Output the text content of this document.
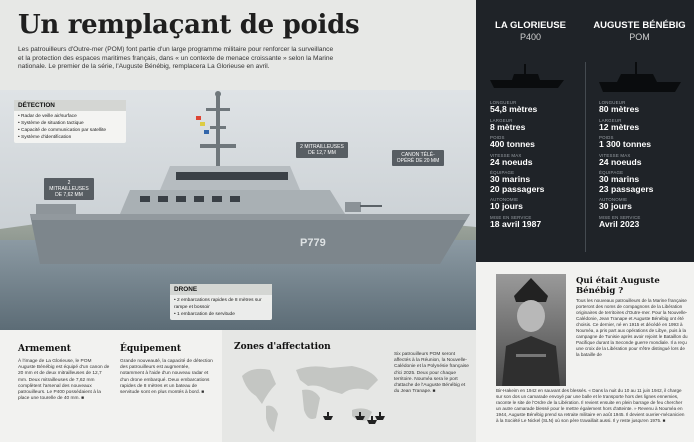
Un remplaçant de poids

Les patrouilleurs d'Outre-mer (POM) font partie d'un large programme militaire pour renforcer la surveillance et la protection des espaces maritimes français, dans « un contexte de menace croissante » selon la Marine nationale. Le premier de la série, l'Auguste Bénébig, remplacera La Glorieuse en avril.

P779
2 MITRAILLEUSES DE 12,7 MM	CANON TÉLÉ-OPÉRÉ DE 20 MM
2 MITRAILLEUSES DE 7,62 MM
DÉTECTION
• Radar de veille air/surface
• Système de situation tactique
• Capacité de communication par satellite
• Système d'identification
DRONE
• 2 embarcations rapides de 8 mètres sur rampe et bossoir
• 1 embarcation de servitude
LA GLORIEUSE
P400
LONGUEUR
54,8 mètres
LARGEUR
8 mètres
POIDS
400 tonnes
VITESSE MAX
24 noeuds
ÉQUIPAGE
30 marins
20 passagers
AUTONOMIE
10 jours
MISE EN SERVICE
18 avril 1987
AUGUSTE BÉNÉBIG
POM
LONGUEUR
80 mètres
LARGEUR
12 mètres
POIDS
1 300 tonnes
VITESSE MAX
24 noeuds
ÉQUIPAGE
30 marins
23 passagers
AUTONOMIE
30 jours
MISE EN SERVICE
Avril 2023
Qui était Auguste Bénébig ?

Tous les nouveaux patrouilleurs de la Marine française porteront des noms de compagnons de la Libération originaires de territoires d'Outre-mer. Pour la Nouvelle-Calédonie, Jean Tranape et Auguste Bénébig ont été choisis. Ce dernier, né en 1915 et décédé en 1993 à Nouméa, a pris part aux opérations de Libye, puis à la campagne de Tunisie après avoir rejoint le Bataillon du Pacifique durant la Seconde guerre mondiale. Il a reçu une croix de la Libération pour s'être distingué lors de la bataille de

Bir-Hakeim en 1942 en sauvant des blessés. « Dans la nuit du 10 au 11 juin 1942, il charge sur son dos un camarade envoyé par une balle et le transporte hors des lignes ennemies, raconte le site de l'Ordre de la Libération. Il revient ensuite en plein barrage de feu chercher un autre camarade blessé pour le mettre également hors d'atteinte. » Revenu à Nouméa en 1944, Auguste Bénébig prend sa retraite militaire en août 1945. Il devient ouvrier-mécanicien à la Société Le Nickel (SLN) où son père travaillait aussi. Il y reste jusqu'en 1975. ■

Armement

À l'image de La Glorieuse, le POM Auguste Bénébig est équipé d'un canon de 20 mm et de deux mitrailleuses de 12,7 mm. Deux mitrailleuses de 7,62 mm complètent l'arsenal des nouveaux patrouilleurs. Le P400 possédaient à la place une tourelle de 40 mm. ■

Équipement

Grande nouveauté, la capacité de détection des patrouilleurs est augmentée, notamment à l'aide d'un nouveau radar et d'un drone embarqué. Deux embarcations rapides de 8 mètres et un bateau de servitude sont en plus montés à bord. ■

Zones d'affectation

Six patrouilleurs POM seront affectés à la Réunion, la Nouvelle-Calédonie et la Polynésie française d'ici 2025. Deux pour chaque territoire. Nouméa sera le port d'attache de l'Auguste Bénébig et du Jean Tranape. ■
